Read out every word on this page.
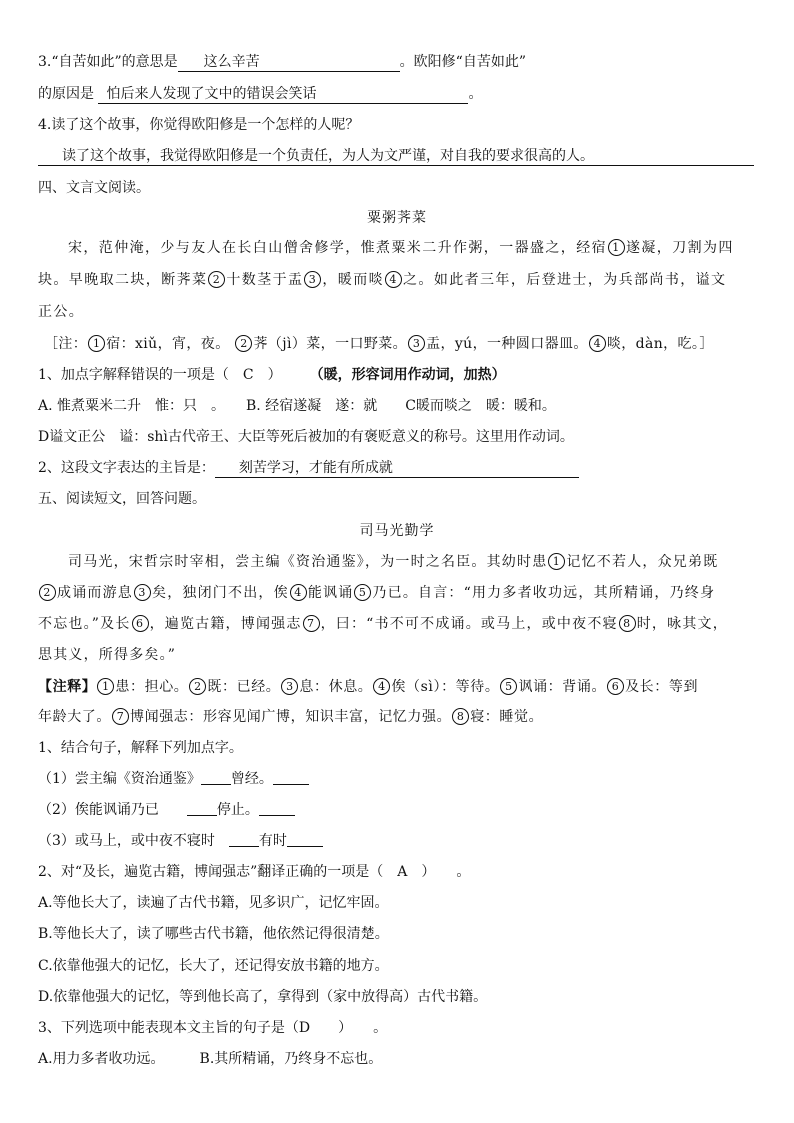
3.“自苦如此”的意思是 这么辛苦	。欧阳修“自苦如此”
的原因是 怕后来人发现了文中的错误会笑话	。
4.读了这个故事，你觉得欧阳修是一个怎样的人呢？
读了这个故事，我觉得欧阳修是一个负责任，为人为文严谨，对自我的要求很高的人。
四、文言文阅读。
粟粥荠菜
宋，范仲淹，少与友人在长白山僧舍修学，惟煮粟米二升作粥，一器盛之，经宿 1 遂凝，刀割为四
块。早晚取二块，断荠菜 2 十数茎于盂 3 ，暖而啖 4 之。如此者三年，后登进士，为兵部尚书，谥文
正公。
［注： 1 宿：xiǔ，宵，夜。 2 荠（jì）菜，一口野菜。 3 盂，yú，一种圆口器皿。 4 啖，dàn，吃。］
1、加点字解释错误的一项是（　C　）　　　	（暖，形容词用作动词，加热）
A. 惟煮粟米二升　惟：只　。　　B. 经宿遂凝　遂：就　　C暖而啖之　暖：暖和。
D谥文正公　谥：shì古代帝王、大臣等死后被加的有褒贬意义的称号。这里用作动词。
2、这段文字表达的主旨是： 刻苦学习，才能有所成就
五、阅读短文，回答问题。
司马光勤学
司马光，宋哲宗时宰相，尝主编《资治通鉴》，为一时之名臣。其幼时患 1 记忆不若人，众兄弟既
2 成诵而游息 3 矣，独闭门不出，俟 4 能讽诵 5 乃已。自言：“用力多者收功远，其所精诵，乃终身
不忘也。”及长 6 ，遍览古籍，博闻强志 7 ，曰：“书不可不成诵。或马上，或中夜不寝 8 时，咏其文，
思其义，所得多矣。”
【注释】 1 患：担心。 2 既：已经。 3 息：休息。 4 俟（sì）：等待。 5 讽诵：背诵。 6 及长：等到
年龄大了。 7 博闻强志：形容见闻广博，知识丰富，记忆力强。 8 寝：睡觉。
1、结合句子，解释下列加点字。
（1）尝主编《资治通鉴》 曾经。
（2）俟能讽诵乃已　　停止。
（3）或马上，或中夜不寝时　有时
2、对“及长，遍览古籍，博闻强志”翻译正确的一项是（　A　）　　。
A.等他长大了，读遍了古代书籍，见多识广，记忆牢固。
B.等他长大了，读了哪些古代书籍，他依然记得很清楚。
C.依靠他强大的记忆，长大了，还记得安放书籍的地方。
D.依靠他强大的记忆，等到他长高了，拿得到（家中放得高）古代书籍。
3、下列选项中能表现本文主旨的句子是（D　　）　　。
A.用力多者收功远。　　　B.其所精诵，乃终身不忘也。
